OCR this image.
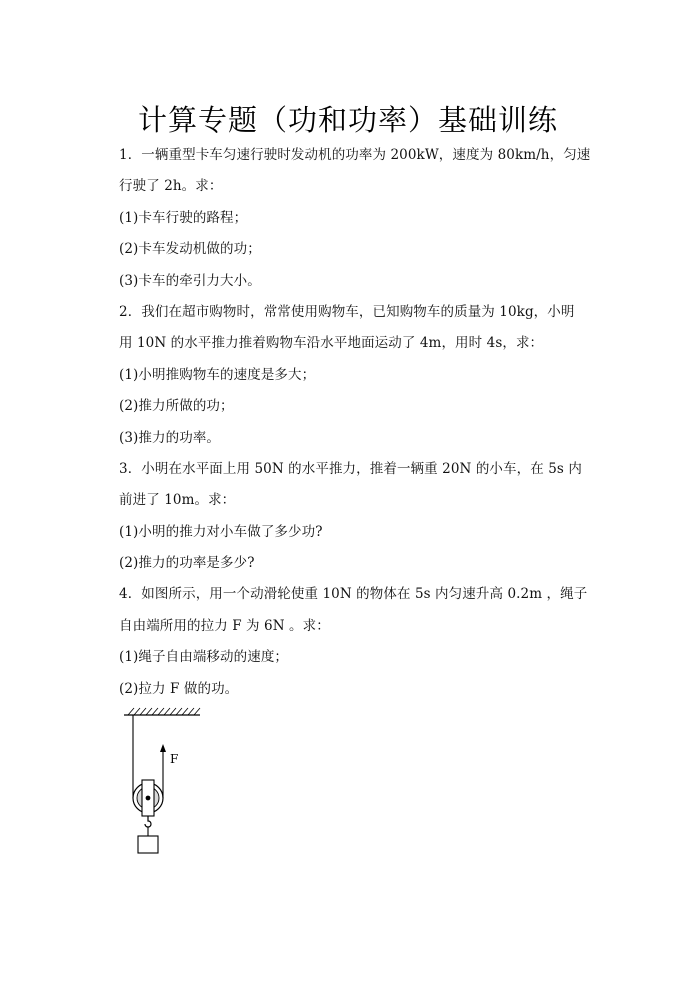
计算专题（功和功率）基础训练
1．一辆重型卡车匀速行驶时发动机的功率为 200kW，速度为 80km/h，匀速
行驶了 2h。求：
(1)卡车行驶的路程；
(2)卡车发动机做的功；
(3)卡车的牵引力大小。
2．我们在超市购物时，常常使用购物车，已知购物车的质量为 10kg，小明
用 10N 的水平推力推着购物车沿水平地面运动了 4m，用时 4s，求：
(1)小明推购物车的速度是多大；
(2)推力所做的功；
(3)推力的功率。
3．小明在水平面上用 50N 的水平推力，推着一辆重 20N 的小车，在 5s 内
前进了 10m。求：
(1)小明的推力对小车做了多少功?
(2)推力的功率是多少?
4．如图所示，用一个动滑轮使重 10N 的物体在 5s 内匀速升高 0.2m ，绳子
自由端所用的拉力 F 为 6N 。求：
(1)绳子自由端移动的速度；
(2)拉力 F 做的功。
F
